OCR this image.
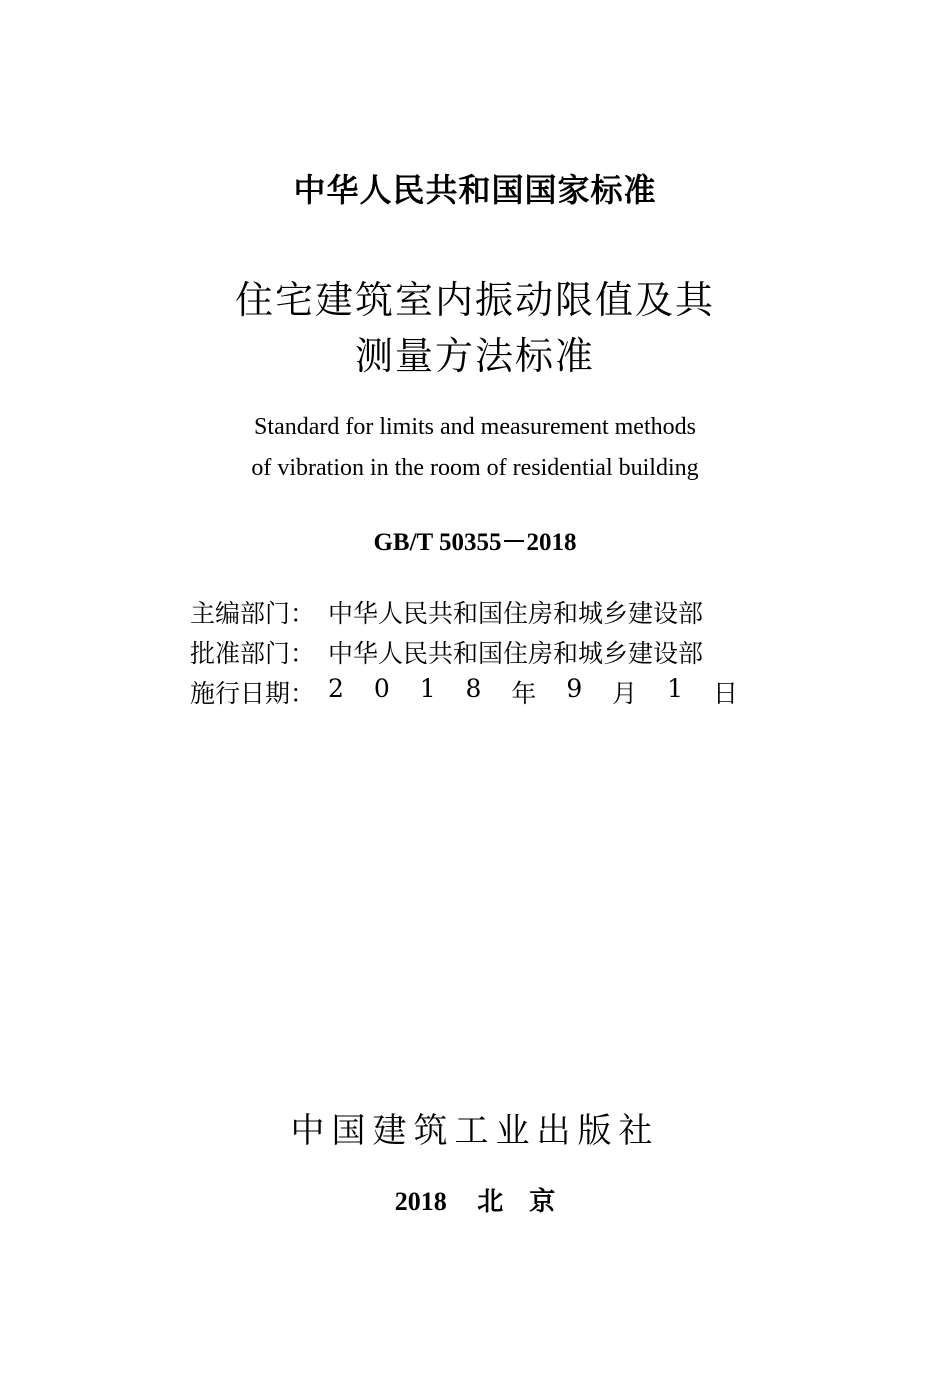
中华人民共和国国家标准
住宅建筑室内振动限值及其
测量方法标准
Standard for limits and measurement methods
of vibration in the room of residential building
GB/T 50355－2018
主编部门： 中华人民共和国住房和城乡建设部
批准部门： 中华人民共和国住房和城乡建设部
施行日期： 2 0 1 8 年 9 月 1 日
中国建筑工业出版社
2018 北　京
